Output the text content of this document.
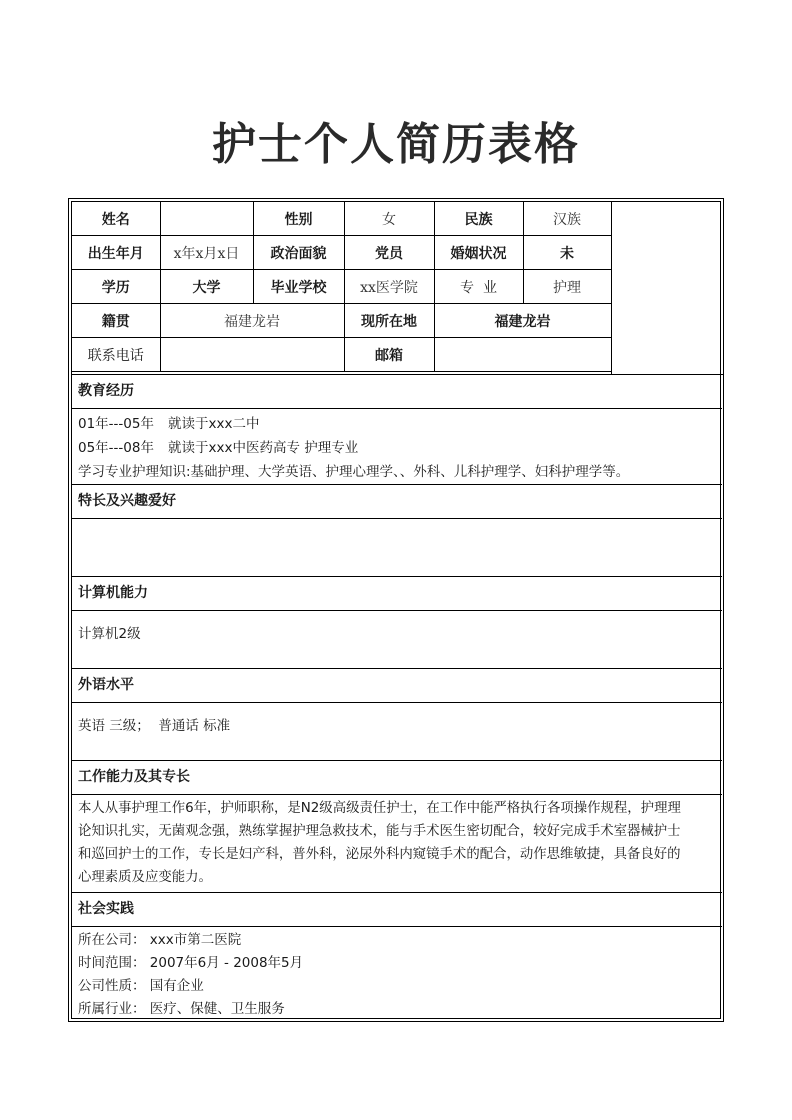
护士个人简历表格
姓名		性别	女	民族	汉族
出生年月	x年x月x日	政治面貌	党员	婚姻状况	未
学历	大学	毕业学校	xx医学院	专  业	护理
籍贯	福建龙岩		现所在地	福建龙岩	
联系电话			邮箱		
教育经历
01年---05年 就读于xxx二中
05年---08年 就读于xxx中医药高专 护理专业
学习专业护理知识:基础护理、大学英语、护理心理学、、外科、儿科护理学、妇科护理学等。
特长及兴趣爱好
计算机能力
计算机2级
外语水平
英语 三级；  普通话 标准
工作能力及其专长
本人从事护理工作6年，护师职称，是N2级高级责任护士，在工作中能严格执行各项操作规程，护理理
论知识扎实，无菌观念强，熟练掌握护理急救技术，能与手术医生密切配合，较好完成手术室器械护士
和巡回护士的工作，专长是妇产科，普外科，泌尿外科内窥镜手术的配合，动作思维敏捷，具备良好的
心理素质及应变能力。
社会实践
所在公司： xxx市第二医院
时间范围： 2007年6月 - 2008年5月
公司性质： 国有企业
所属行业： 医疗、保健、卫生服务
